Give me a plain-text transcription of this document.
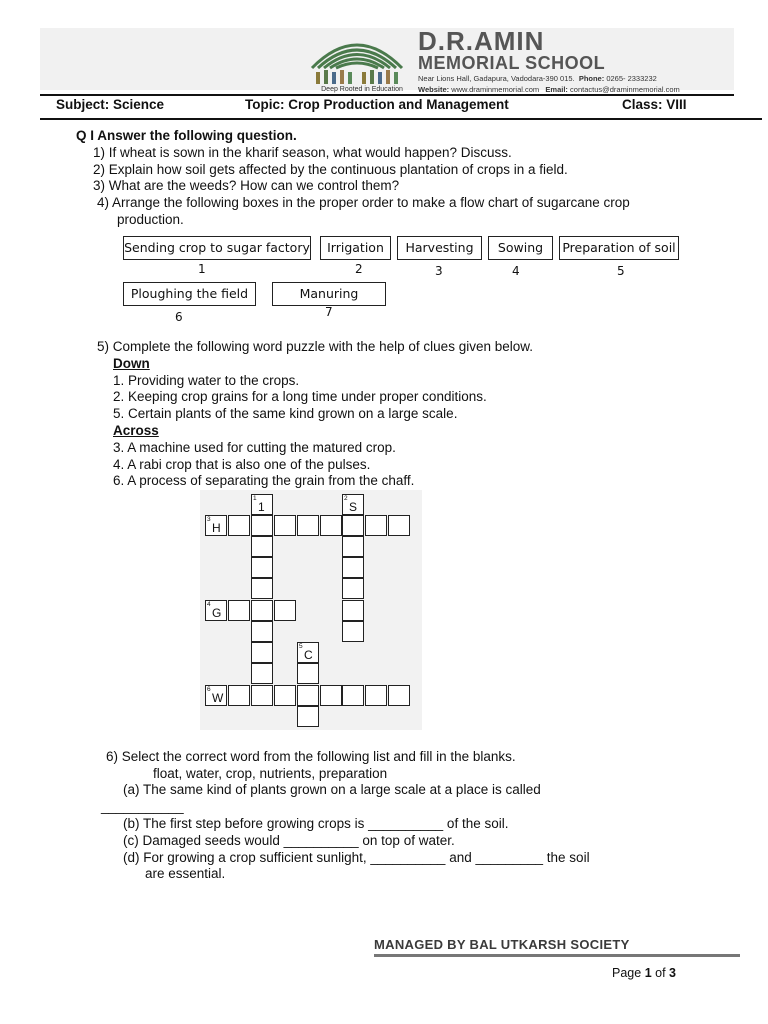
Deep Rooted in Education
D.R.AMIN
MEMORIAL SCHOOL
Near Lions Hall, Gadapura, Vadodara-390 015. Phone: 0265- 2333232
Website: www.draminmemorial.com Email: contactus@draminmemorial.com
Subject: Science	Topic: Crop Production and Management	Class: VIII
Q I Answer the following question.
1) If wheat is sown in the kharif season, what would happen? Discuss.
2) Explain how soil gets affected by the continuous plantation of crops in a field.
3) What are the weeds? How can we control them?
4) Arrange the following boxes in the proper order to make a flow chart of sugarcane crop
production.
Sending crop to sugar factory
1
Irrigation
2
Harvesting
3
Sowing
4
Preparation of soil
5
Ploughing the field
6
Manuring
7
5) Complete the following word puzzle with the help of clues given below.
Down
1. Providing water to the crops.
2. Keeping crop grains for a long time under proper conditions.
5. Certain plants of the same kind grown on a large scale.
Across
3. A machine used for cutting the matured crop.
4. A rabi crop that is also one of the pulses.
6. A process of separating the grain from the chaff.
1
1
2
S
3
H
4
G
5
C
6
W
6) Select the correct word from the following list and fill in the blanks.
float, water, crop, nutrients, preparation
(a) The same kind of plants grown on a large scale at a place is called
___________
(b) The first step before growing crops is __________ of the soil.
(c) Damaged seeds would __________ on top of water.
(d) For growing a crop sufficient sunlight, __________ and _________ the soil
are essential.
MANAGED BY BAL UTKARSH SOCIETY
Page 1 of 3
